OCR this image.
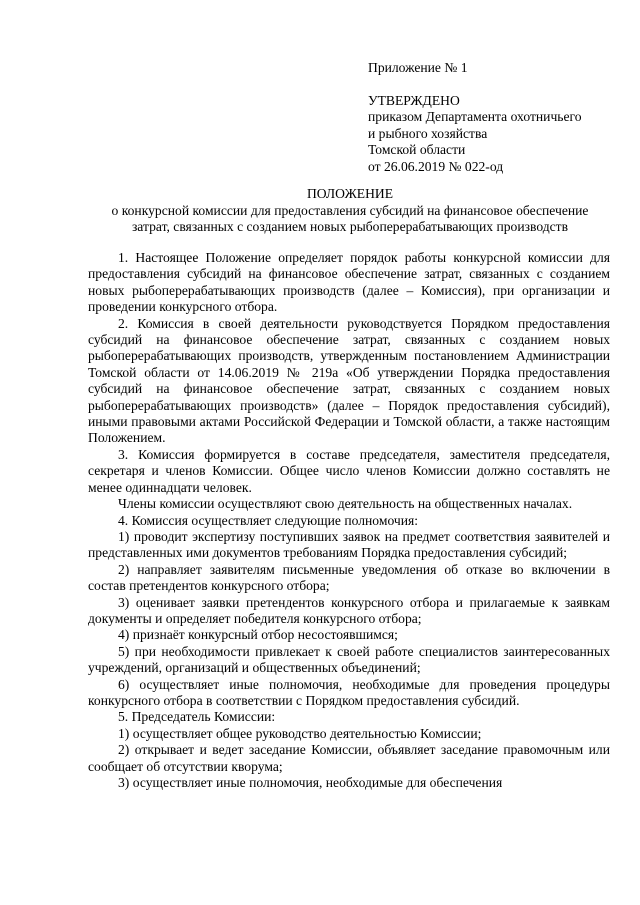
Приложение № 1
УТВЕРЖДЕНО
приказом Департамента охотничьего
и рыбного хозяйства
Томской области
от 26.06.2019 № 022-од
ПОЛОЖЕНИЕ
о конкурсной комиссии для предоставления субсидий на финансовое обеспечение
затрат, связанных с созданием новых рыбоперерабатывающих производств

1. Настоящее Положение определяет порядок работы конкурсной комиссии для предоставления субсидий на финансовое обеспечение затрат, связанных с созданием новых рыбоперерабатывающих производств (далее – Комиссия), при организации и проведении конкурсного отбора.

2. Комиссия в своей деятельности руководствуется Порядком предоставления субсидий на финансовое обеспечение затрат, связанных с созданием новых рыбоперерабатывающих производств, утвержденным постановлением Администрации Томской области от 14.06.2019 № 219а «Об утверждении Порядка предоставления субсидий на финансовое обеспечение затрат, связанных с созданием новых рыбоперерабатывающих производств» (далее – Порядок предоставления субсидий), иными правовыми актами Российской Федерации и Томской области, а также настоящим Положением.

3. Комиссия формируется в составе председателя, заместителя председателя, секретаря и членов Комиссии. Общее число членов Комиссии должно составлять не менее одиннадцати человек.

Члены комиссии осуществляют свою деятельность на общественных началах.

4. Комиссия осуществляет следующие полномочия:

1) проводит экспертизу поступивших заявок на предмет соответствия заявителей и представленных ими документов требованиям Порядка предоставления субсидий;

2) направляет заявителям письменные уведомления об отказе во включении в состав претендентов конкурсного отбора;

3) оценивает заявки претендентов конкурсного отбора и прилагаемые к заявкам документы и определяет победителя конкурсного отбора;

4) признаёт конкурсный отбор несостоявшимся;

5) при необходимости привлекает к своей работе специалистов заинтересованных учреждений, организаций и общественных объединений;

6) осуществляет иные полномочия, необходимые для проведения процедуры конкурсного отбора в соответствии с Порядком предоставления субсидий.

5. Председатель Комиссии:

1) осуществляет общее руководство деятельностью Комиссии;

2) открывает и ведет заседание Комиссии, объявляет заседание правомочным или сообщает об отсутствии кворума;

3) осуществляет иные полномочия, необходимые для обеспечения
